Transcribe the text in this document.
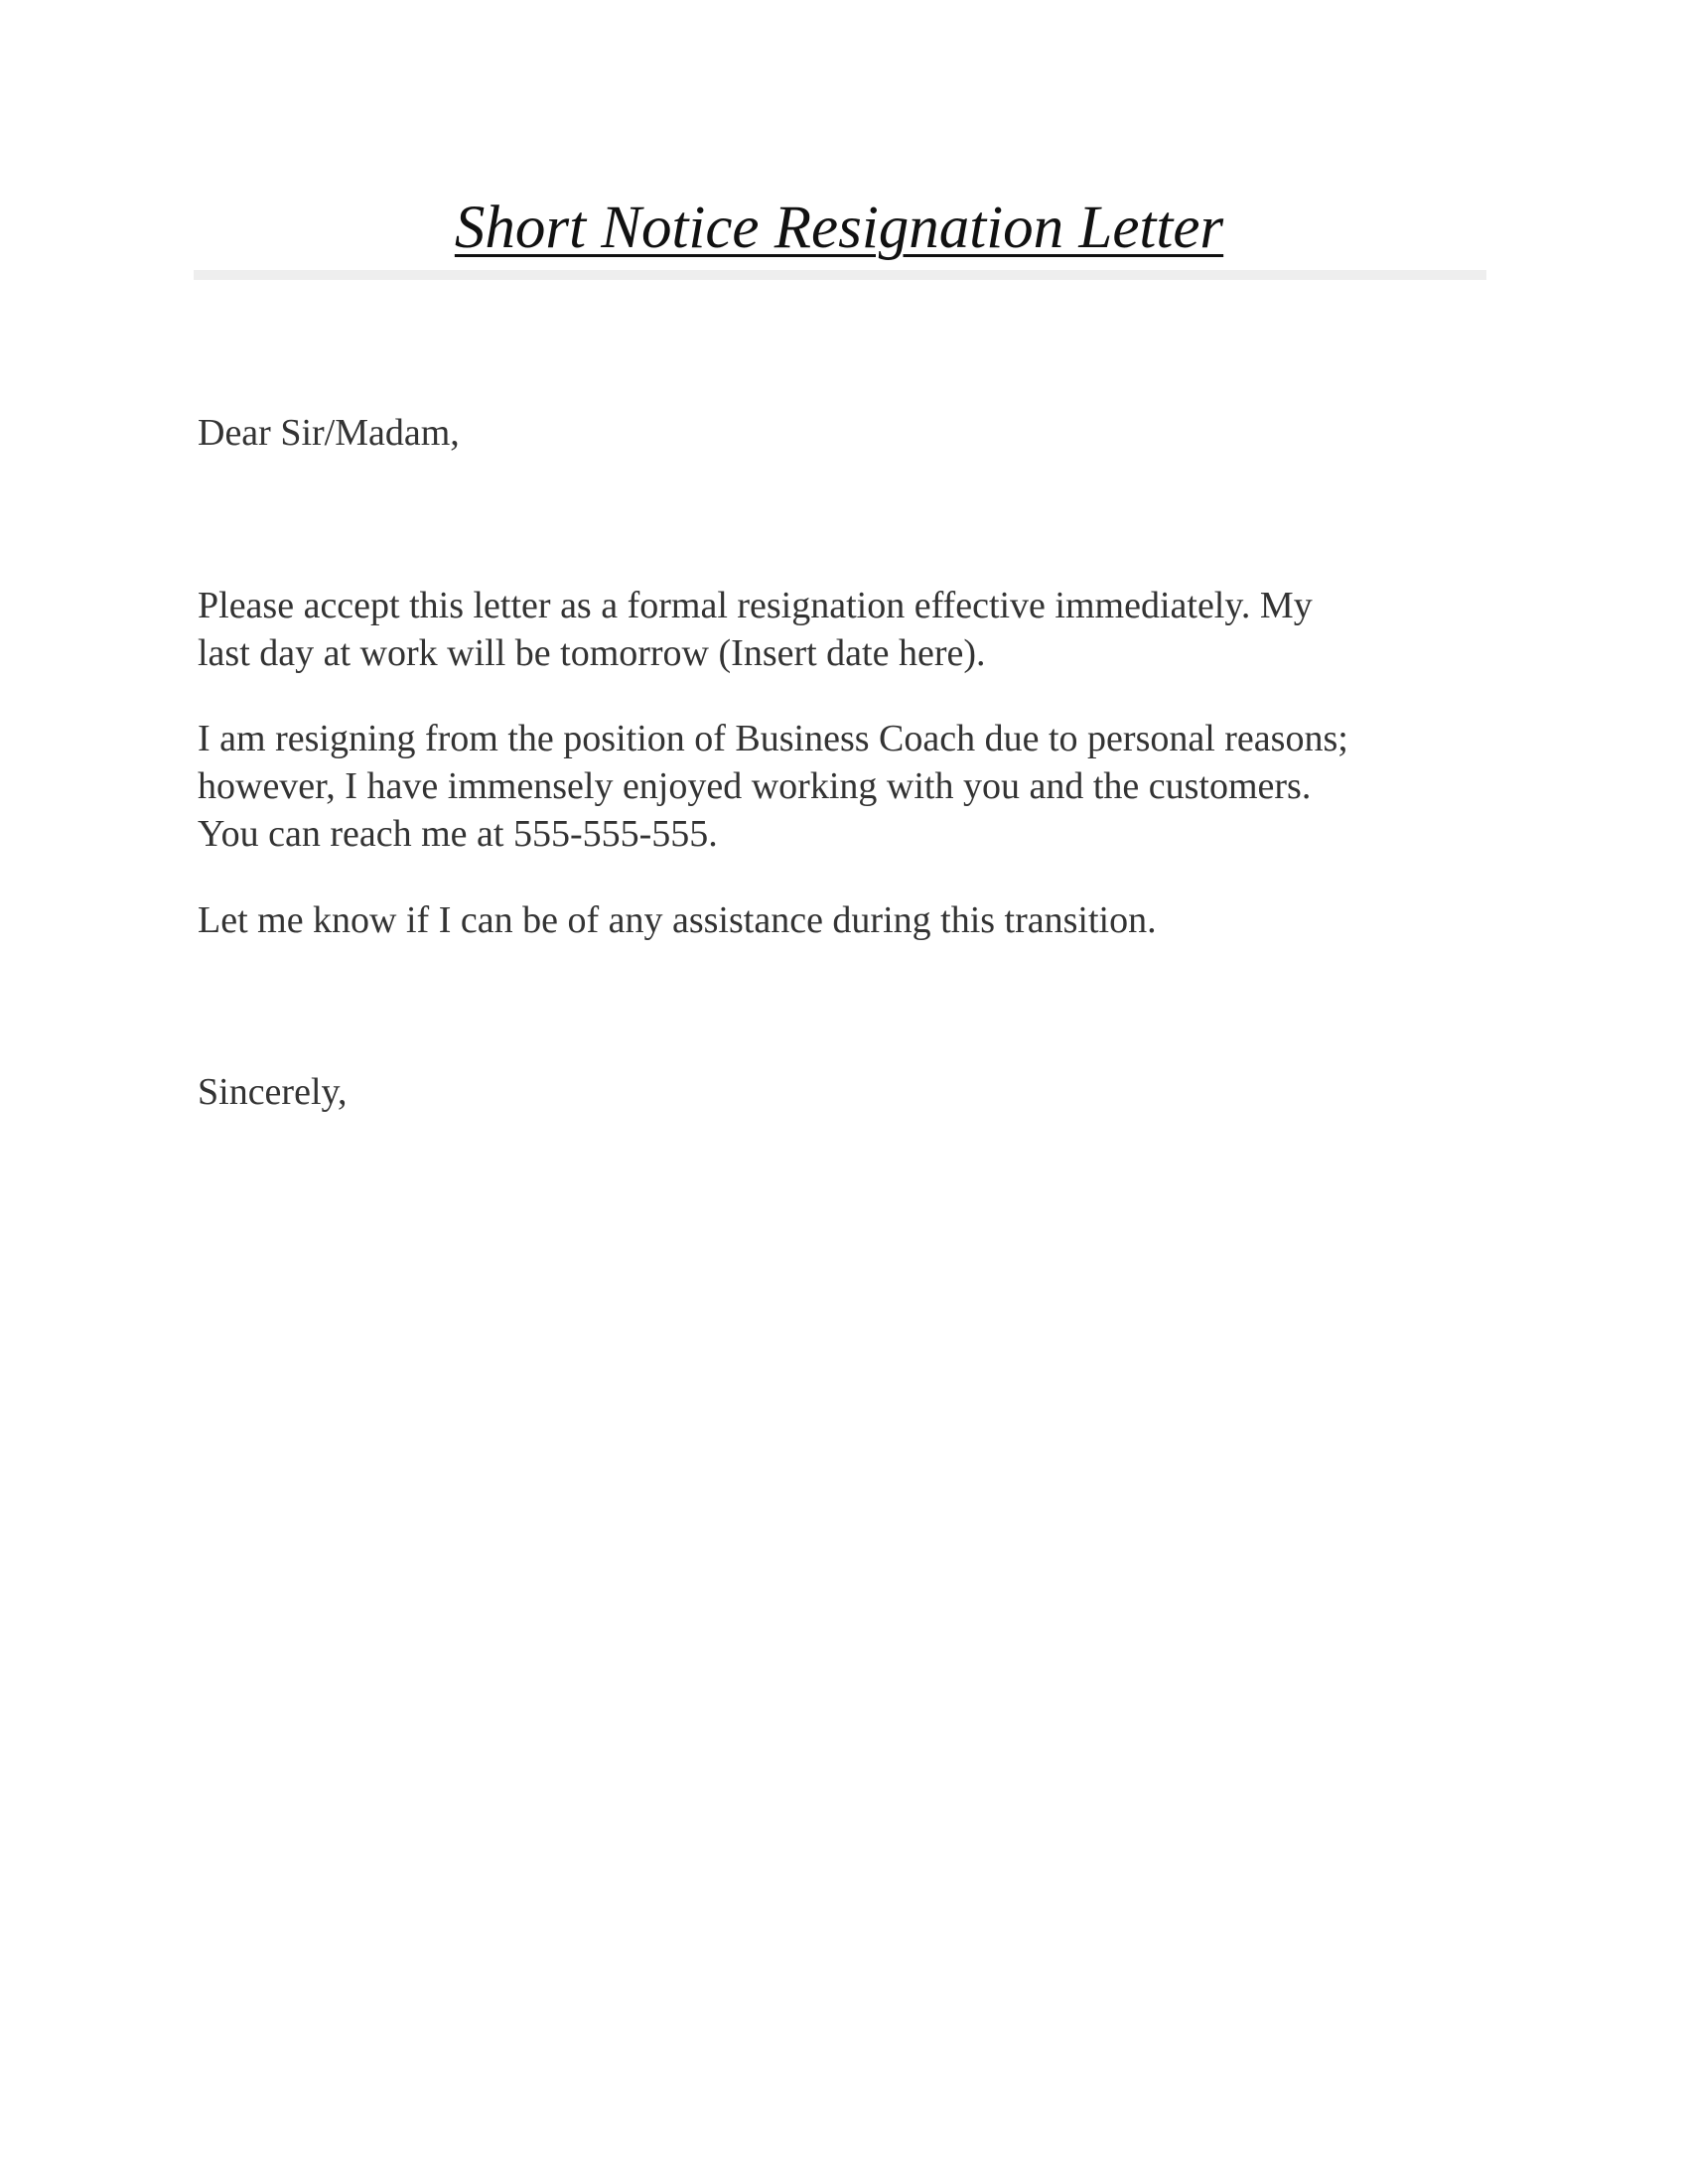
Short Notice Resignation Letter

Dear Sir/Madam,

Please accept this letter as a formal resignation effective immediately. My
last day at work will be tomorrow (Insert date here).

I am resigning from the position of Business Coach due to personal reasons;
however, I have immensely enjoyed working with you and the customers.
You can reach me at 555-555-555.

Let me know if I can be of any assistance during this transition.

Sincerely,
